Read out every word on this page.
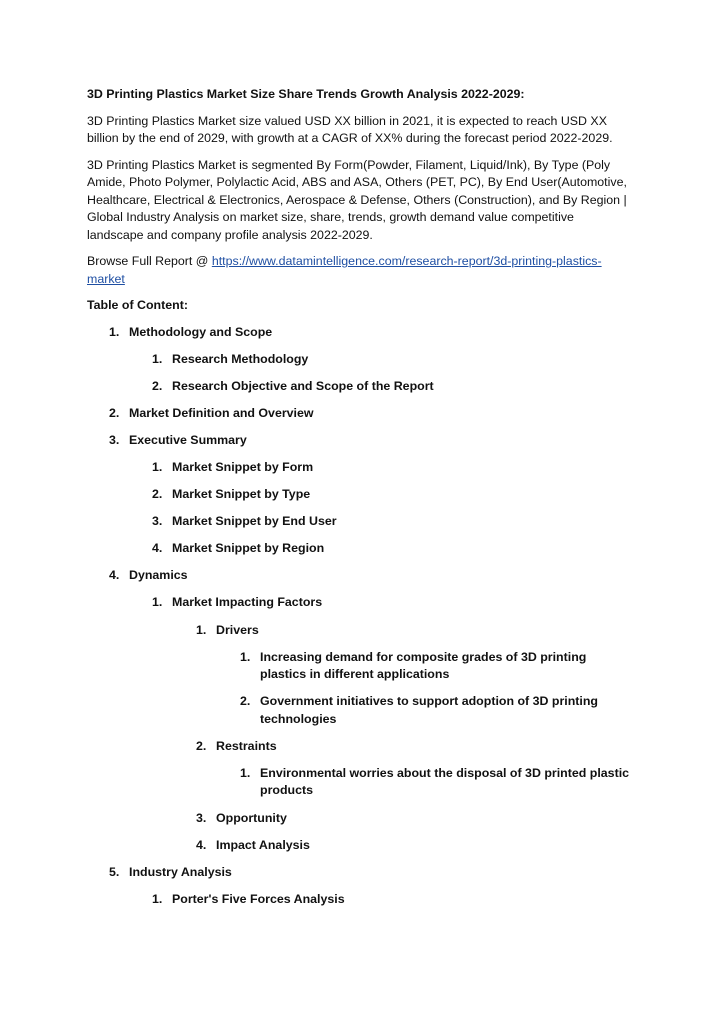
3D Printing Plastics Market Size Share Trends Growth Analysis 2022-2029:

3D Printing Plastics Market size valued USD XX billion in 2021, it is expected to reach USD XX billion by the end of 2029, with growth at a CAGR of XX% during the forecast period 2022-2029.

3D Printing Plastics Market is segmented By Form(Powder, Filament, Liquid/Ink), By Type (Poly Amide, Photo Polymer, Polylactic Acid, ABS and ASA, Others (PET, PC), By End User(Automotive, Healthcare, Electrical & Electronics, Aerospace & Defense, Others (Construction), and By Region | Global Industry Analysis on market size, share, trends, growth demand value competitive landscape and company profile analysis 2022-2029.

Browse Full Report @ https://www.datamintelligence.com/research-report/3d-printing-plastics-market

Table of Content:

1. Methodology and Scope
1. Research Methodology
2. Research Objective and Scope of the Report
2. Market Definition and Overview
3. Executive Summary
1. Market Snippet by Form
2. Market Snippet by Type
3. Market Snippet by End User
4. Market Snippet by Region
4. Dynamics
1. Market Impacting Factors
1. Drivers
1. Increasing demand for composite grades of 3D printing plastics in different applications
2. Government initiatives to support adoption of 3D printing technologies
2. Restraints
1. Environmental worries about the disposal of 3D printed plastic products
3. Opportunity
4. Impact Analysis
5. Industry Analysis
1. Porter's Five Forces Analysis
